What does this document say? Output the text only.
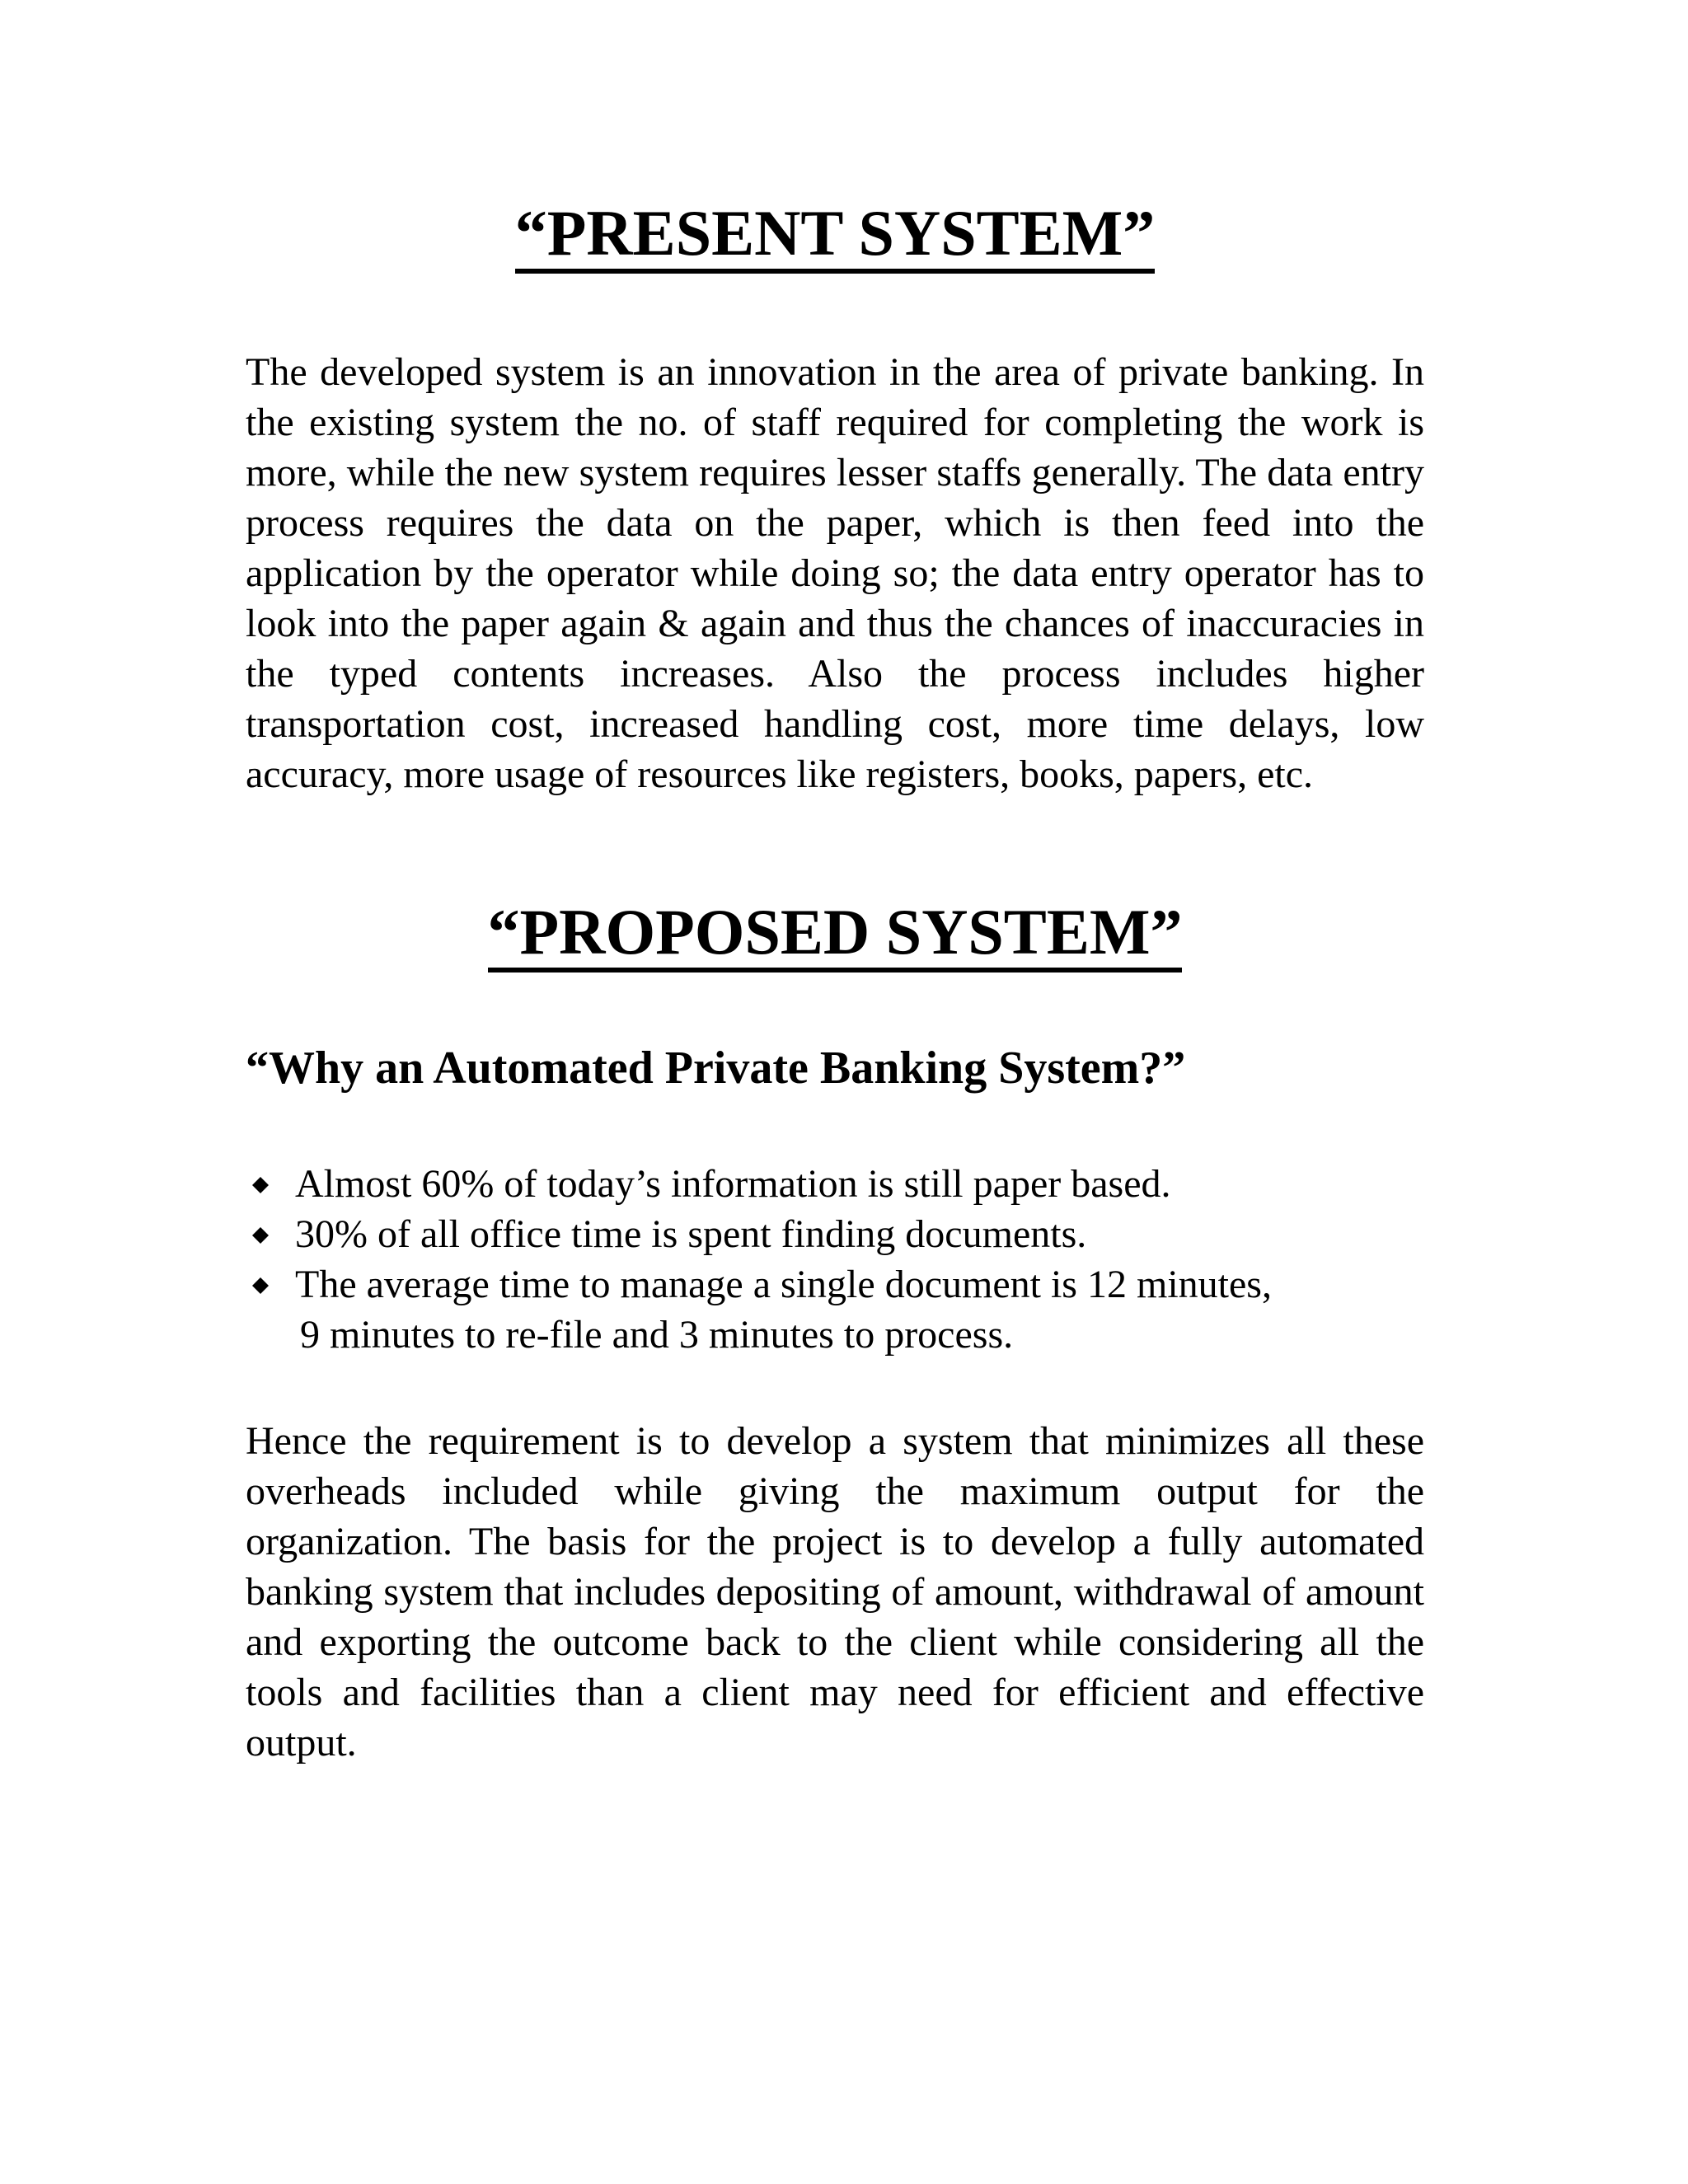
“PRESENT SYSTEM”

The developed system is an innovation in the area of private banking. In the existing system the no. of staff required for completing the work is more, while the new system requires lesser staffs generally. The data entry process requires the data on the paper, which is then feed into the application by the operator while doing so; the data entry operator has to look into the paper again & again and thus the chances of inaccuracies in the typed contents increases. Also the process includes higher transportation cost, increased handling cost, more time delays, low accuracy, more usage of resources like registers, books, papers, etc.

“PROPOSED SYSTEM”
“Why an Automated Private Banking System?”
Almost 60% of today’s information is still paper based.
30% of all office time is spent finding documents.
The average time to manage a single document is 12 minutes,
9 minutes to re-file and 3 minutes to process.

Hence the requirement is to develop a system that minimizes all these overheads included while giving the maximum output for the organization. The basis for the project is to develop a fully automated banking system that includes depositing of amount, withdrawal of amount and exporting the outcome back to the client while considering all the tools and facilities than a client may need for efficient and effective output.
